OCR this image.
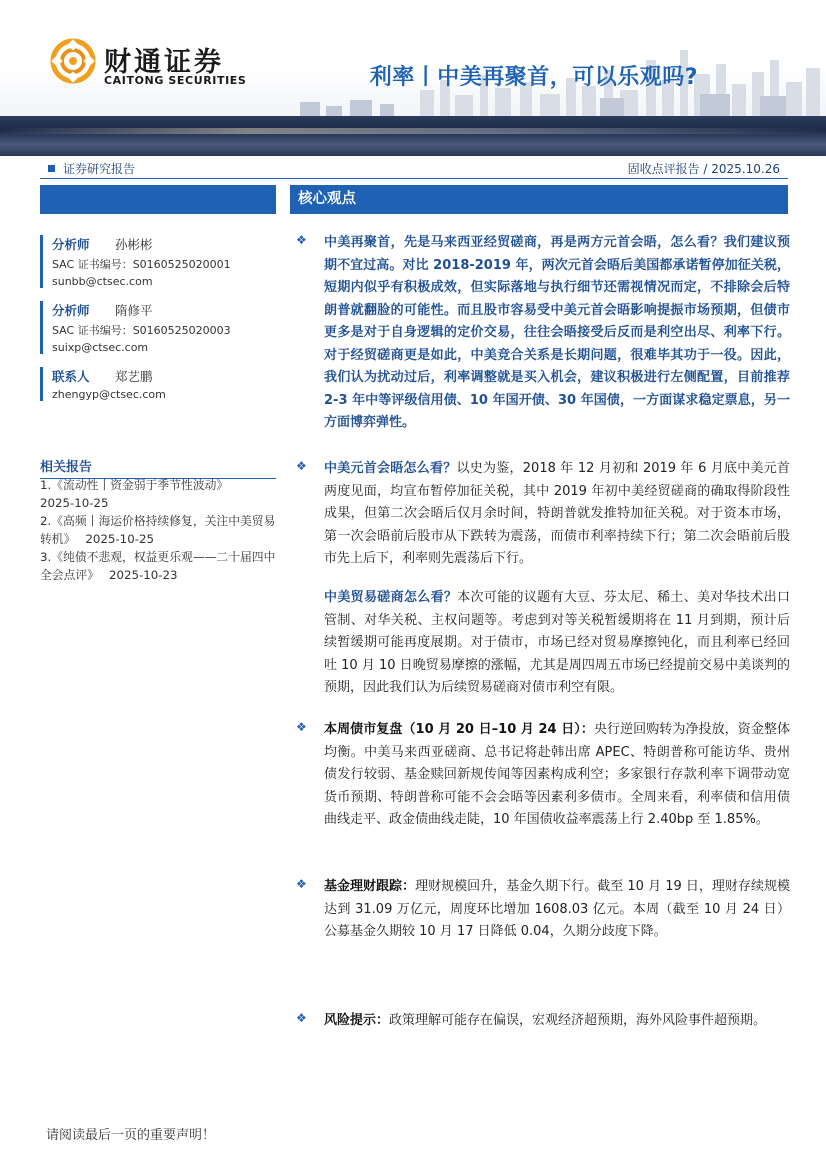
财通证券
CAITONG SECURITIES	利率丨中美再聚首，可以乐观吗?
证券研究报告	固收点评报告 / 2025.10.26
分析师 孙彬彬
SAC 证书编号：S0160525020001
sunbb@ctsec.com
分析师 隋修平
SAC 证书编号：S0160525020003
suixp@ctsec.com
联系人 郑艺鹏
zhengyp@ctsec.com
相关报告
1.《流动性丨资金弱于季节性波动》
2025-10-25
2.《高频丨海运价格持续修复，关注中美贸易转机》 2025-10-25
3.《纯债不悲观，权益更乐观——二十届四中全会点评》 2025-10-23
核心观点
❖ 中美再聚首，先是马来西亚经贸磋商，再是两方元首会晤，怎么看？我们建议预期不宜过高。对比 2018-2019 年，两次元首会晤后美国都承诺暂停加征关税，短期内似乎有积极成效，但实际落地与执行细节还需视情况而定，不排除会后特朗普就翻脸的可能性。而且股市容易受中美元首会晤影响提振市场预期，但债市更多是对于自身逻辑的定价交易，往往会晤接受后反而是利空出尽、利率下行。对于经贸磋商更是如此，中美竞合关系是长期问题，很难毕其功于一役。因此，我们认为扰动过后，利率调整就是买入机会，建议积极进行左侧配置，目前推荐 2-3 年中等评级信用债、10 年国开债、30 年国债，一方面谋求稳定票息，另一方面博弈弹性。
❖ 中美元首会晤怎么看？以史为鉴，2018 年 12 月初和 2019 年 6 月底中美元首两度见面，均宣布暂停加征关税，其中 2019 年初中美经贸磋商的确取得阶段性成果，但第二次会晤后仅月余时间，特朗普就发推特加征关税。对于资本市场，第一次会晤前后股市从下跌转为震荡，而债市利率持续下行；第二次会晤前后股市先上后下，利率则先震荡后下行。
中美贸易磋商怎么看？本次可能的议题有大豆、芬太尼、稀土、美对华技术出口管制、对华关税、主权问题等。考虑到对等关税暂缓期将在 11 月到期，预计后续暂缓期可能再度展期。对于债市，市场已经对贸易摩擦钝化，而且利率已经回吐 10 月 10 日晚贸易摩擦的涨幅，尤其是周四周五市场已经提前交易中美谈判的预期，因此我们认为后续贸易磋商对债市利空有限。
❖ 本周债市复盘（10 月 20 日–10 月 24 日）：央行逆回购转为净投放，资金整体均衡。中美马来西亚磋商、总书记将赴韩出席 APEC、特朗普称可能访华、贵州债发行较弱、基金赎回新规传闻等因素构成利空；多家银行存款利率下调带动宽货币预期、特朗普称可能不会会晤等因素利多债市。全周来看，利率债和信用债曲线走平、政金债曲线走陡，10 年国债收益率震荡上行 2.40bp 至 1.85%。
❖ 基金理财跟踪：理财规模回升，基金久期下行。截至 10 月 19 日，理财存续规模达到 31.09 万亿元，周度环比增加 1608.03 亿元。本周（截至 10 月 24 日）公募基金久期较 10 月 17 日降低 0.04，久期分歧度下降。
❖ 风险提示：政策理解可能存在偏误，宏观经济超预期，海外风险事件超预期。
请阅读最后一页的重要声明！
